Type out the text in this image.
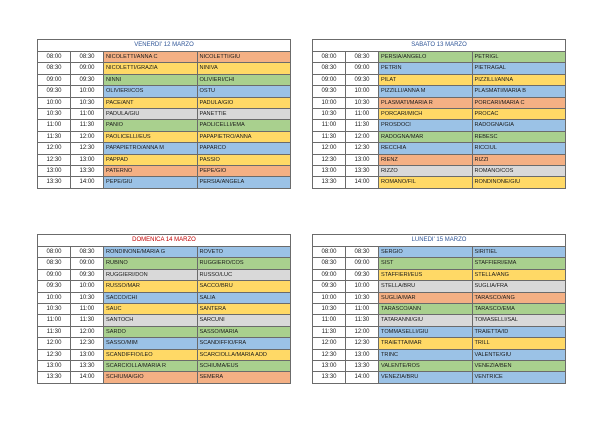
VENERDI' 12 MARZO			
08:00	08:30	NICOLETTI/ANNA C	NICOLETTI/GIU
08:30	09:00	NICOLETTI/GRAZIA	NINIVA
09:00	09:30	NINNI	OLIVIERI/CHI
09:30	10:00	OLIVIERI/COS	OSTU
10:00	10:30	PACE/ANT	PADULA/GIO
10:30	11:00	PADULA/GIU	PANETTIE
11:00	11:30	PANIO	PAOLICELLI/EMA
11:30	12:00	PAOLICELLI/EUS	PAPAPIETRO/ANNA
12:00	12:30	PAPAPIETRO/ANNA M	PAPARCO
12:30	13:00	PAPPAD	PASSIO
13:00	13:30	PATERNO	PEPE/GIO
13:30	14:00	PEPE/GIU	PERSIA/ANGELA
SABATO 13 MARZO			
08:00	08:30	PERSIA/ANGELO	PETRIGL
08:30	09:00	PETRIN	PIETRAGAL
09:00	09:30	PILAT	PIZZILLI/ANNA
09:30	10:00	PIZZILLI/ANNA M	PLASMATI/MARIA B
10:00	10:30	PLASMATI/MARIA R	PORCARI/MARIA C
10:30	11:00	PORCARI/MICH	PROCAC
11:00	11:30	PROSDOCI	RADOGNA/GIA
11:30	12:00	RADOGNA/MAR	REBESC
12:00	12:30	RECCHIA	RICCIUL
12:30	13:00	RIENZ	RIZZI
13:00	13:30	RIZZO	ROMANO/COS
13:30	14:00	ROMANO/FIL	RONDINONE/GIU
DOMENICA 14 MARZO			
08:00	08:30	RONDINONE/MARIA G	ROVETO
08:30	09:00	RUBINO	RUGGIERO/COS
09:00	09:30	RUGGIERI/DON	RUSSO/LUC
09:30	10:00	RUSSO/MAR	SACCO/BRU
10:00	10:30	SACCO/CHI	SALIA
10:30	11:00	SAUC	SANTERA
11:00	11:30	SANTOCH	SARCUNI
11:30	12:00	SARDO	SASSO/MARIA
12:00	12:30	SASSO/MIM	SCANDIFFIO/FRA
12:30	13:00	SCANDIFFIO/LEO	SCARCIOLLA/MARIA ADD
13:00	13:30	SCARCIOLLA/MARIA R	SCHIUMA/EUS
13:30	14:00	SCHIUMA/GIO	SEMERA
LUNEDI' 15 MARZO			
08:00	08:30	SERGIO	SIRITIEL
08:30	09:00	SIST	STAFFIERI/EMA
09:00	09:30	STAFFIERI/EUS	STELLA/ANG
09:30	10:00	STELLA/BRU	SUGLIA/FRA
10:00	10:30	SUGLIA/MAR	TARASCO/ANG
10:30	11:00	TARASCO/ANN	TARASCO/EMA
11:00	11:30	TATARANNI/GIU	TOMASELLI/SAL
11:30	12:00	TOMMASELLI/GIU	TRAIETTA/ID
12:00	12:30	TRAIETTA/MAR	TRILL
12:30	13:00	TRINC	VALENTE/GIU
13:00	13:30	VALENTE/ROS	VENEZIA/BEN
13:30	14:00	VENEZIA/BRU	VENTRICE
